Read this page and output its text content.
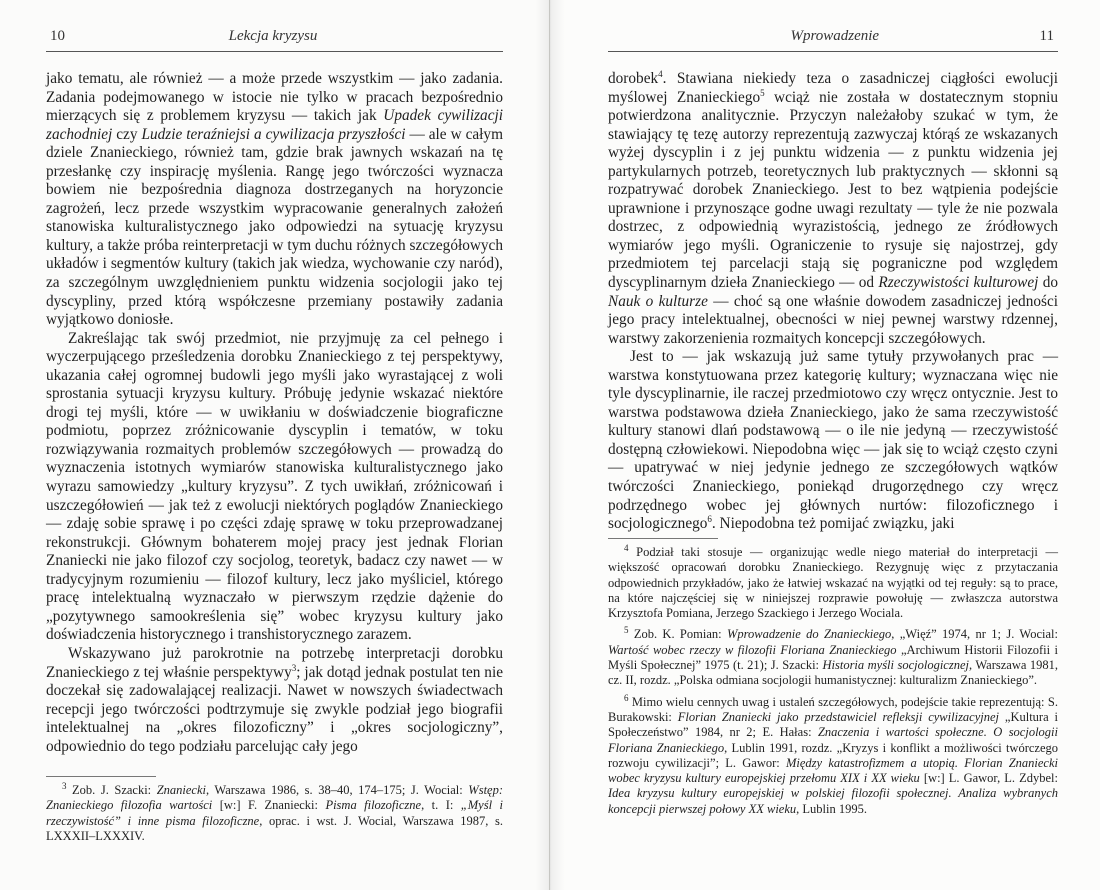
10	Lekcja kryzysu

jako tematu, ale również — a może przede wszystkim — jako zadania. Zadania podejmowanego w istocie nie tylko w pracach bezpośrednio mierzących się z problemem kryzysu — takich jak Upadek cywilizacji zachodniej czy Ludzie teraźniejsi a cywilizacja przyszłości — ale w całym dziele Znanieckiego, również tam, gdzie brak jawnych wskazań na tę przesłankę czy inspirację myślenia. Rangę jego twórczości wyznacza bowiem nie bezpośrednia diagnoza dostrzeganych na horyzoncie zagrożeń, lecz przede wszystkim wypracowanie generalnych założeń stanowiska kulturalistycznego jako odpowiedzi na sytuację kryzysu kultury, a także próba reinterpretacji w tym duchu różnych szczegółowych układów i segmentów kultury (takich jak wiedza, wychowanie czy naród), za szczególnym uwzględnieniem punktu widzenia socjologii jako tej dyscypliny, przed którą współczesne przemiany postawiły zadania wyjątkowo doniosłe.

Zakreślając tak swój przedmiot, nie przyjmuję za cel pełnego i wyczerpującego prześledzenia dorobku Znanieckiego z tej perspektywy, ukazania całej ogromnej budowli jego myśli jako wyrastającej z woli sprostania sytuacji kryzysu kultury. Próbuję jedynie wskazać niektóre drogi tej myśli, które — w uwikłaniu w doświadczenie biograficzne podmiotu, poprzez zróżnicowanie dyscyplin i tematów, w toku rozwiązywania rozmaitych problemów szczegółowych — prowadzą do wyznaczenia istotnych wymiarów stanowiska kulturalistycznego jako wyrazu samowiedzy „kultury kryzysu”. Z tych uwikłań, zróżnicowań i uszczegółowień — jak też z ewolucji niektórych poglądów Znanieckiego — zdaję sobie sprawę i po części zdaję sprawę w toku przeprowadzanej rekonstrukcji. Głównym bohaterem mojej pracy jest jednak Florian Znaniecki nie jako filozof czy socjolog, teoretyk, badacz czy nawet — w tradycyjnym rozumieniu — filozof kultury, lecz jako myśliciel, którego pracę intelektualną wyznaczało w pierwszym rzędzie dążenie do „pozytywnego samookreślenia się” wobec kryzysu kultury jako doświadczenia historycznego i transhistorycznego zarazem.

Wskazywano już parokrotnie na potrzebę interpretacji dorobku Znanieckiego z tej właśnie perspektywy$^3$; jak dotąd jednak postulat ten nie doczekał się zadowalającej realizacji. Nawet w nowszych świadectwach recepcji jego twórczości podtrzymuje się zwykle podział jego biografii intelektualnej na „okres filozoficzny” i „okres socjologiczny”, odpowiednio do tego podziału parcelując cały jego

$^3$ Zob. J. Szacki: Znaniecki, Warszawa 1986, s. 38–40, 174–175; J. Wocial: Wstęp: Znanieckiego filozofia wartości [w:] F. Znaniecki: Pisma filozoficzne, t. I: „Myśl i rzeczywistość” i inne pisma filozoficzne, oprac. i wst. J. Wocial, Warszawa 1987, s. LXXXII–LXXXIV.

Wprowadzenie	11

dorobek$^4$. Stawiana niekiedy teza o zasadniczej ciągłości ewolucji myślowej Znanieckiego$^5$ wciąż nie została w dostatecznym stopniu potwierdzona analitycznie. Przyczyn należałoby szukać w tym, że stawiający tę tezę autorzy reprezentują zazwyczaj którąś ze wskazanych wyżej dyscyplin i z jej punktu widzenia — z punktu widzenia jej partykularnych potrzeb, teoretycznych lub praktycznych — skłonni są rozpatrywać dorobek Znanieckiego. Jest to bez wątpienia podejście uprawnione i przynoszące godne uwagi rezultaty — tyle że nie pozwala dostrzec, z odpowiednią wyrazistością, jednego ze źródłowych wymiarów jego myśli. Ograniczenie to rysuje się najostrzej, gdy przedmiotem tej parcelacji stają się pograniczne pod względem dyscyplinarnym dzieła Znanieckiego — od Rzeczywistości kulturowej do Nauk o kulturze — choć są one właśnie dowodem zasadniczej jedności jego pracy intelektualnej, obecności w niej pewnej warstwy rdzennej, warstwy zakorzenienia rozmaitych koncepcji szczegółowych.

Jest to — jak wskazują już same tytuły przywołanych prac — warstwa konstytuowana przez kategorię kultury; wyznaczana więc nie tyle dyscyplinarnie, ile raczej przedmiotowo czy wręcz ontycznie. Jest to warstwa podstawowa dzieła Znanieckiego, jako że sama rzeczywistość kultury stanowi dlań podstawową — o ile nie jedyną — rzeczywistość dostępną człowiekowi. Niepodobna więc — jak się to wciąż często czyni — upatrywać w niej jedynie jednego ze szczegółowych wątków twórczości Znanieckiego, poniekąd drugorzędnego czy wręcz podrzędnego wobec jej głównych nurtów: filozoficznego i socjologicznego$^6$. Niepodobna też pomijać związku, jaki

$^4$ Podział taki stosuje — organizując wedle niego materiał do interpretacji — większość opracowań dorobku Znanieckiego. Rezygnuję więc z przytaczania odpowiednich przykładów, jako że łatwiej wskazać na wyjątki od tej reguły: są to prace, na które najczęściej się w niniejszej rozprawie powołuję — zwłaszcza autorstwa Krzysztofa Pomiana, Jerzego Szackiego i Jerzego Wociala.

$^5$ Zob. K. Pomian: Wprowadzenie do Znanieckiego, „Więź” 1974, nr 1; J. Wocial: Wartość wobec rzeczy w filozofii Floriana Znanieckiego „Archiwum Historii Filozofii i Myśli Społecznej” 1975 (t. 21); J. Szacki: Historia myśli socjologicznej, Warszawa 1981, cz. II, rozdz. „Polska odmiana socjologii humanistycznej: kulturalizm Znanieckiego”.

$^6$ Mimo wielu cennych uwag i ustaleń szczegółowych, podejście takie reprezentują: S. Burakowski: Florian Znaniecki jako przedstawiciel refleksji cywilizacyjnej „Kultura i Społeczeństwo” 1984, nr 2; E. Hałas: Znaczenia i wartości społeczne. O socjologii Floriana Znanieckiego, Lublin 1991, rozdz. „Kryzys i konflikt a możliwości twórczego rozwoju cywilizacji”; L. Gawor: Między katastrofizmem a utopią. Florian Znaniecki wobec kryzysu kultury europejskiej przełomu XIX i XX wieku [w:] L. Gawor, L. Zdybel: Idea kryzysu kultury europejskiej w polskiej filozofii społecznej. Analiza wybranych koncepcji pierwszej połowy XX wieku, Lublin 1995.
